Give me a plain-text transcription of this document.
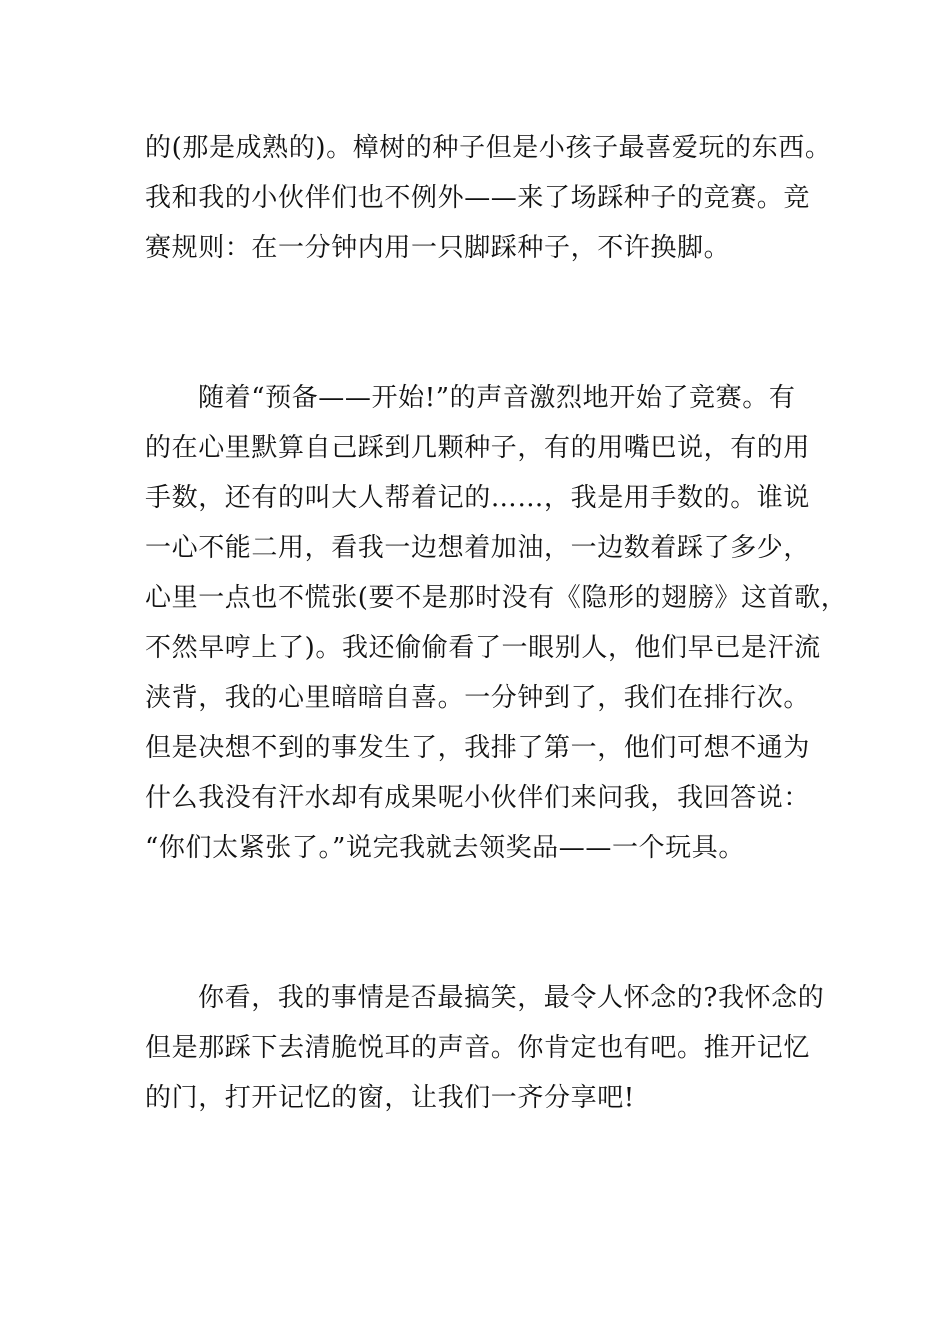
的(那是成熟的)。樟树的种子但是小孩子最喜爱玩的东西。
我和我的小伙伴们也不例外——来了场踩种子的竞赛。竞
赛规则：在一分钟内用一只脚踩种子，不许换脚。
随着“预备——开始!”的声音激烈地开始了竞赛。有
的在心里默算自己踩到几颗种子，有的用嘴巴说，有的用
手数，还有的叫大人帮着记的……，我是用手数的。谁说
一心不能二用，看我一边想着加油，一边数着踩了多少，
心里一点也不慌张(要不是那时没有《隐形的翅膀》这首歌，
不然早哼上了)。我还偷偷看了一眼别人，他们早已是汗流
浃背，我的心里暗暗自喜。一分钟到了，我们在排行次。
但是决想不到的事发生了，我排了第一，他们可想不通为
什么我没有汗水却有成果呢小伙伴们来问我，我回答说：
“你们太紧张了。”说完我就去领奖品——一个玩具。
你看，我的事情是否最搞笑，最令人怀念的?我怀念的
但是那踩下去清脆悦耳的声音。你肯定也有吧。推开记忆
的门，打开记忆的窗，让我们一齐分享吧!
